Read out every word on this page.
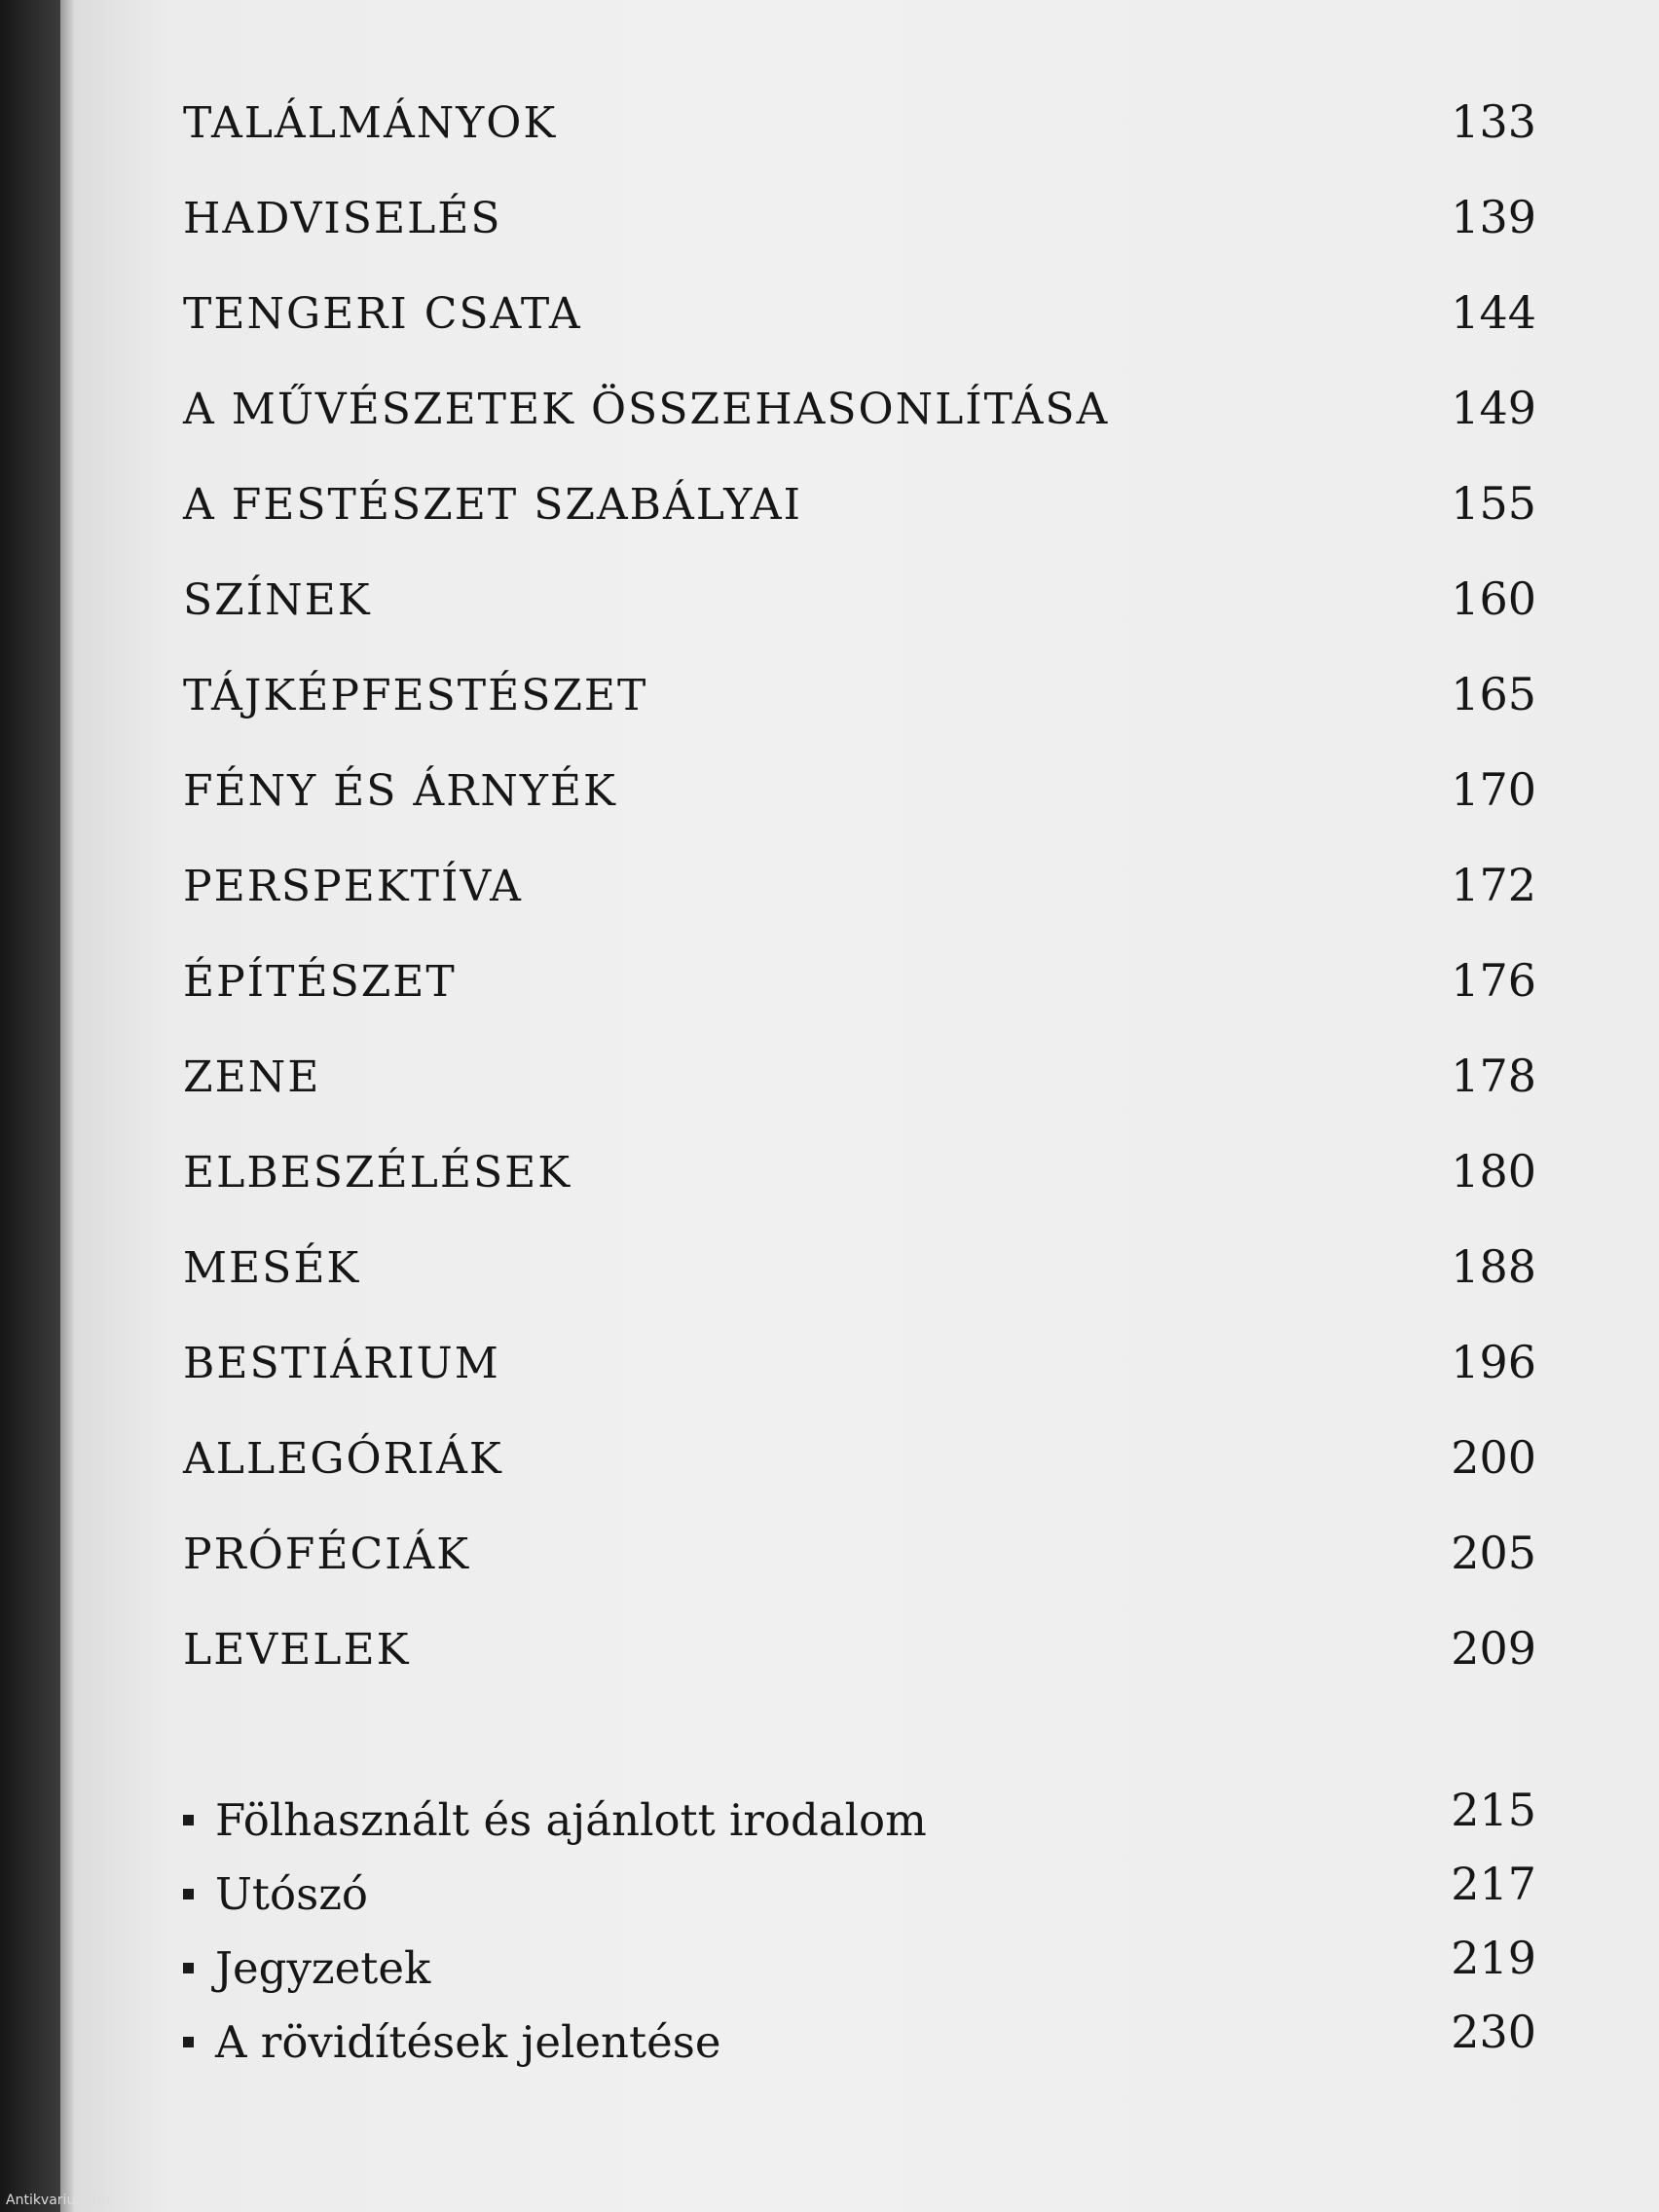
TALÁLMÁNYOK	133
HADVISELÉS	139
TENGERI CSATA	144
A MŰVÉSZETEK ÖSSZEHASONLÍTÁSA	149
A FESTÉSZET SZABÁLYAI	155
SZÍNEK	160
TÁJKÉPFESTÉSZET	165
FÉNY ÉS ÁRNYÉK	170
PERSPEKTÍVA	172
ÉPÍTÉSZET	176
ZENE	178
ELBESZÉLÉSEK	180
MESÉK	188
BESTIÁRIUM	196
ALLEGÓRIÁK	200
PRÓFÉCIÁK	205
LEVELEK	209
Fölhasznált és ajánlott irodalom	215
Utószó	217
Jegyzetek	219
A rövidítések jelentése	230
Antikvarium.hu
